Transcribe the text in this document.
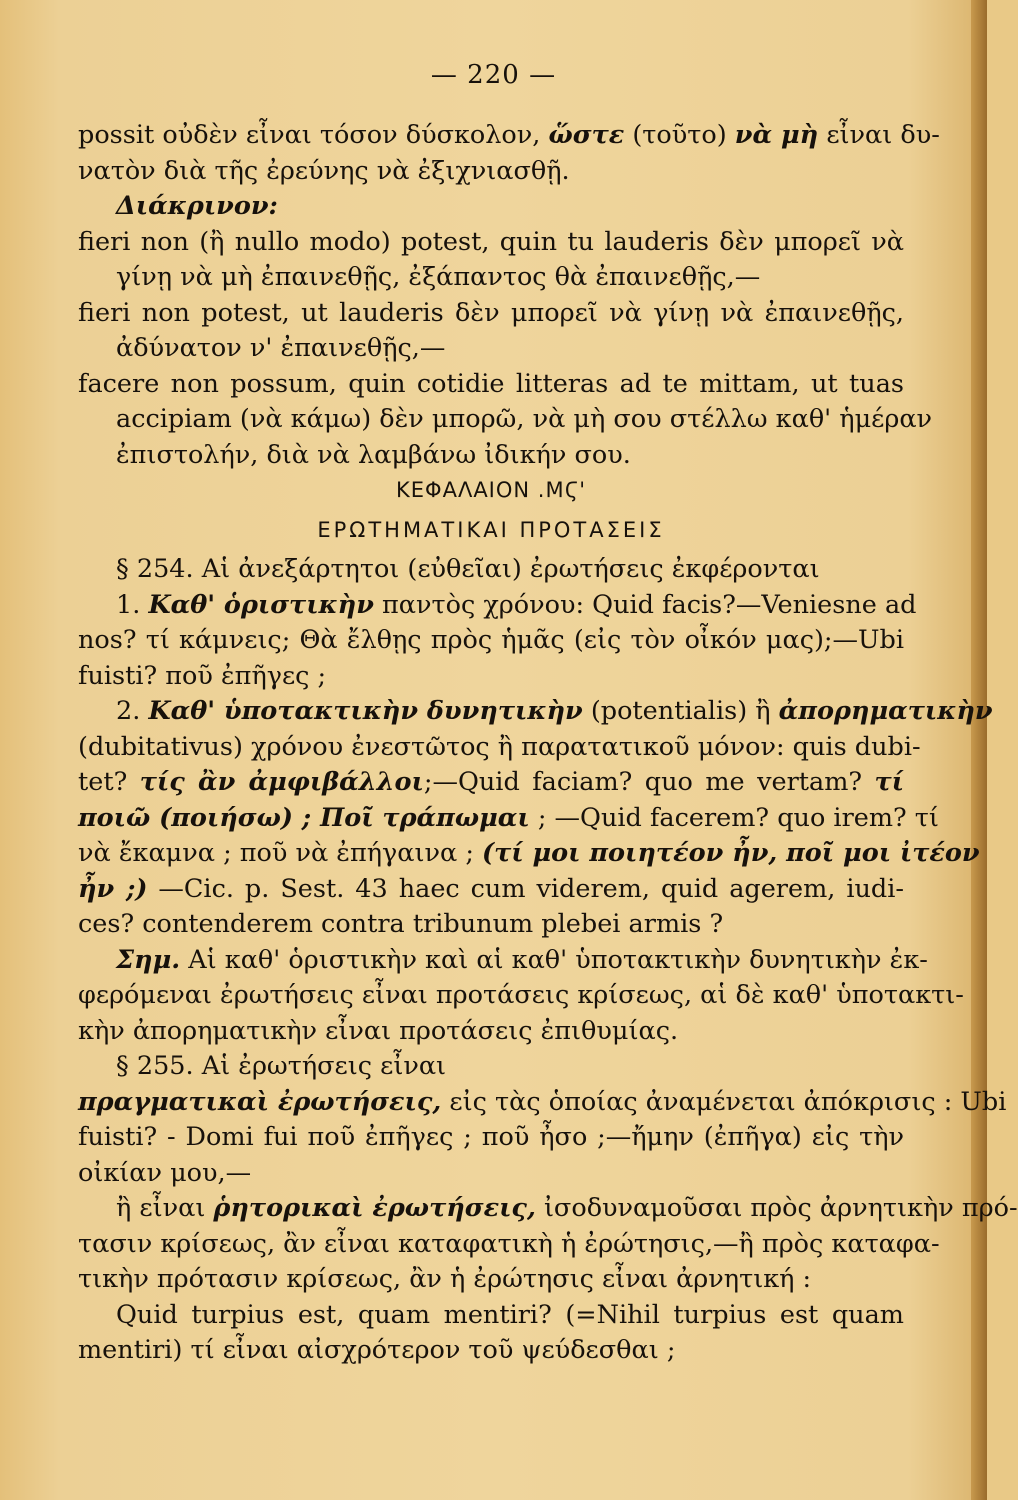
— 220 —
possit οὐδὲν εἶναι τόσον δύσκολον, ὥστε (τοῦτο) νὰ μὴ εἶναι δυ-
νατὸν διὰ τῆς ἐρεύνης νὰ ἐξιχνιασθῇ.
Διάκρινον:
fieri non (ἢ nullo modo) potest, quin tu lauderis δὲν μπορεῖ νὰ
γίνῃ νὰ μὴ ἐπαινεθῇς, ἐξάπαντος θὰ ἐπαινεθῇς,—
fieri non potest, ut lauderis δὲν μπορεῖ νὰ γίνῃ νὰ ἐπαινεθῇς,
ἀδύνατον ν' ἐπαινεθῇς,—
facere non possum, quin cotidie litteras ad te mittam, ut tuas
accipiam (νὰ κάμω) δὲν μπορῶ, νὰ μὴ σου στέλλω καθ' ἡμέραν
ἐπιστολήν, διὰ νὰ λαμβάνω ἰδικήν σου.
ΚΕΦΑΛΑΙΟΝ .ΜϚ'
ΕΡΩΤΗΜΑΤΙΚΑΙ ΠΡΟΤΑΣΕΙΣ
§ 254. Αἱ ἀνεξάρτητοι (εὐθεῖαι) ἐρωτήσεις ἐκφέρονται
1. Καθ' ὁριστικὴν παντὸς χρόνου: Quid facis?—Veniesne ad
nos? τί κάμνεις; Θὰ ἔλθῃς πρὸς ἡμᾶς (εἰς τὸν οἶκόν μας);—Ubi
fuisti? ποῦ ἐπῆγες ;
2. Καθ' ὑποτακτικὴν δυνητικὴν (potentialis) ἢ ἀπορηματικὴν
(dubitativus) χρόνου ἐνεστῶτος ἢ παρατατικοῦ μόνον: quis dubi-
tet? τίς ἂν ἀμφιβάλλοι;—Quid faciam? quo me vertam? τί
ποιῶ (ποιήσω) ; Ποῖ τράπωμαι ; —Quid facerem? quo irem? τί
νὰ ἔκαμνα ; ποῦ νὰ ἐπήγαινα ; (τί μοι ποιητέον ἦν, ποῖ μοι ἰτέον
ἦν ;) —Cic. p. Sest. 43 haec cum viderem, quid agerem, iudi-
ces? contenderem contra tribunum plebei armis ?
Σημ. Αἱ καθ' ὁριστικὴν καὶ αἱ καθ' ὑποτακτικὴν δυνητικὴν ἐκ-
φερόμεναι ἐρωτήσεις εἶναι προτάσεις κρίσεως, αἱ δὲ καθ' ὑποτακτι-
κὴν ἀπορηματικὴν εἶναι προτάσεις ἐπιθυμίας.
§ 255. Αἱ ἐρωτήσεις εἶναι
πραγματικαὶ ἐρωτήσεις, εἰς τὰς ὁποίας ἀναμένεται ἀπόκρισις : Ubi
fuisti? - Domi fui ποῦ ἐπῆγες ; ποῦ ἦσο ;—ἤμην (ἐπῆγα) εἰς τὴν
οἰκίαν μου,—
ἢ εἶναι ῥητορικαὶ ἐρωτήσεις, ἰσοδυναμοῦσαι πρὸς ἀρνητικὴν πρό-
τασιν κρίσεως, ἂν εἶναι καταφατικὴ ἡ ἐρώτησις,—ἢ πρὸς καταφα-
τικὴν πρότασιν κρίσεως, ἂν ἡ ἐρώτησις εἶναι ἀρνητική :
Quid turpius est, quam mentiri? (=Nihil turpius est quam
mentiri) τί εἶναι αἰσχρότερον τοῦ ψεύδεσθαι ;
